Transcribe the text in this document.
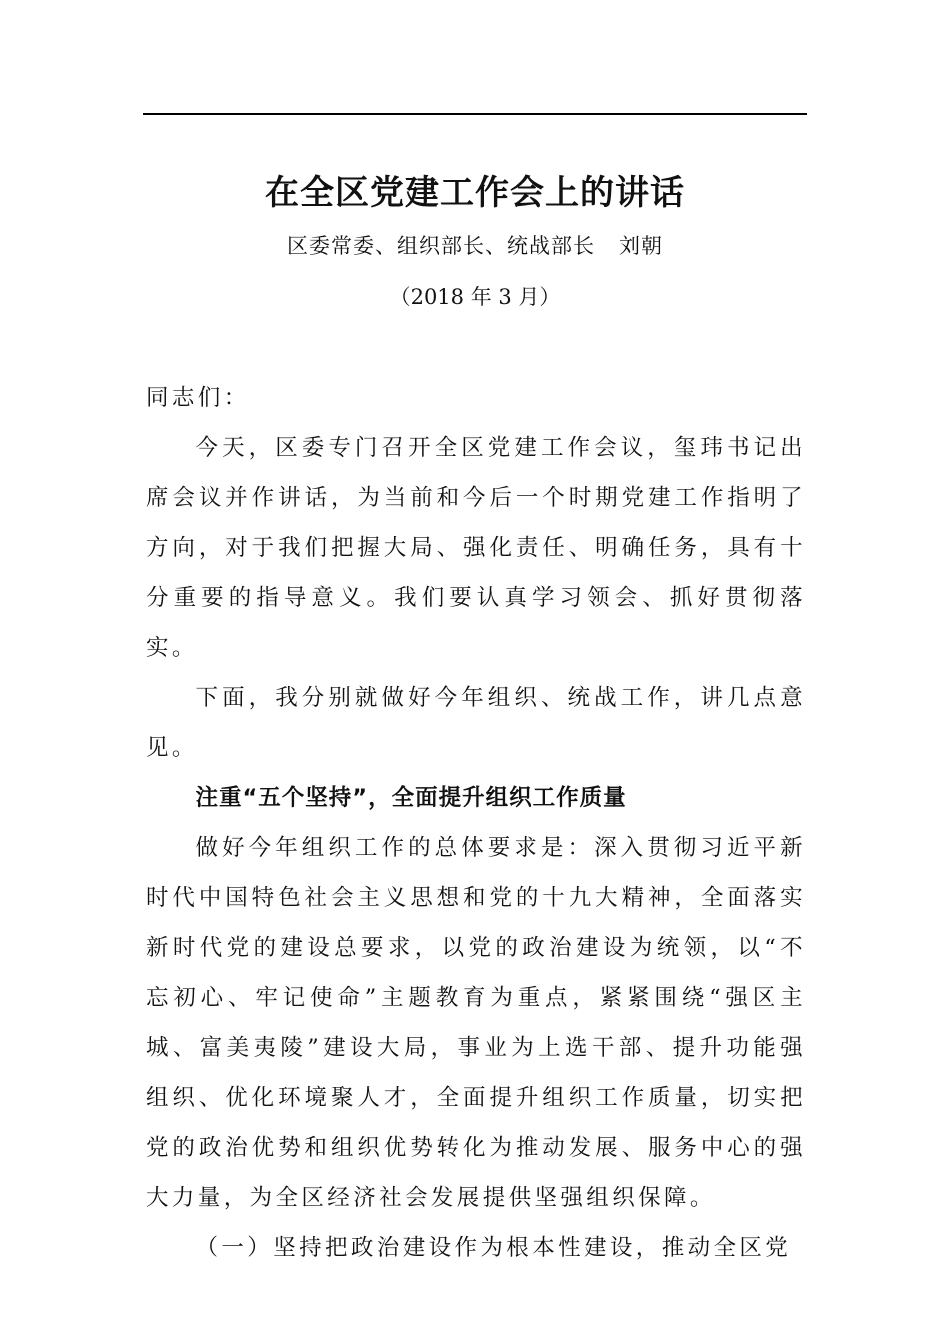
在全区党建工作会上的讲话
区委常委、组织部长、统战部长 刘朝
（2018 年 3 月）

同志们：

今天，区委专门召开全区党建工作会议，玺玮书记出席会议并作讲话，为当前和今后一个时期党建工作指明了方向，对于我们把握大局、强化责任、明确任务，具有十分重要的指导意义。我们要认真学习领会、抓好贯彻落实。

下面，我分别就做好今年组织、统战工作，讲几点意见。

注重“五个坚持”，全面提升组织工作质量

做好今年组织工作的总体要求是：深入贯彻习近平新时代中国特色社会主义思想和党的十九大精神，全面落实新时代党的建设总要求，以党的政治建设为统领，以“不忘初心、牢记使命”主题教育为重点，紧紧围绕“强区主城、富美夷陵”建设大局，事业为上选干部、提升功能强组织、优化环境聚人才，全面提升组织工作质量，切实把党的政治优势和组织优势转化为推动发展、服务中心的强大力量，为全区经济社会发展提供坚强组织保障。

（一）坚持把政治建设作为根本性建设，推动全区党
